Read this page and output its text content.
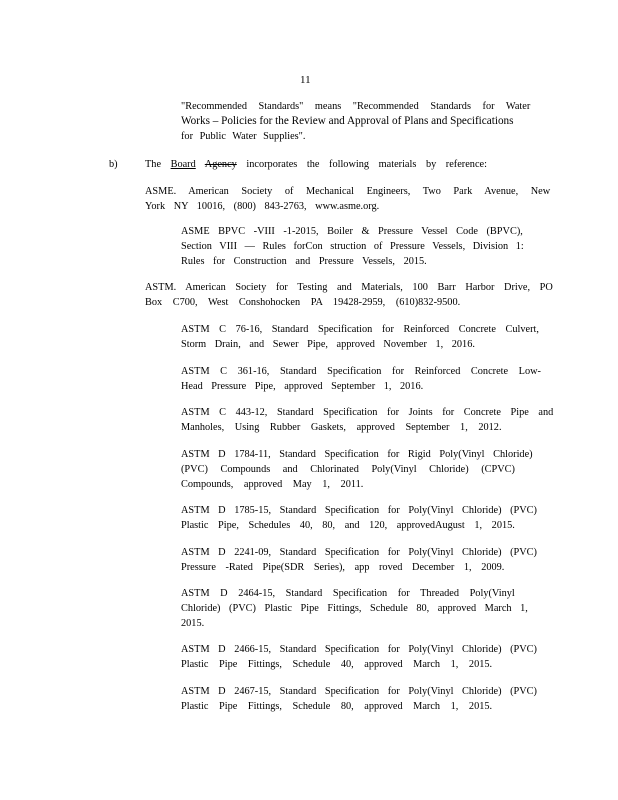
11
"Recommended Standards" means "Recommended Standards for Water
Works – Policies for the Review and Approval of Plans and Specifications
for Public Water Supplies".
b)	The Board Agency incorporates the following materials by reference:
ASME. American Society of Mechanical Engineers, Two Park Avenue, New
York NY 10016, (800) 843-2763, www.asme.org.
ASME BPVC -VIII -1-2015, Boiler & Pressure Vessel Code (BPVC),
Section VIII — Rules forCon struction of Pressure Vessels, Division 1:
Rules for Construction and Pressure Vessels, 2015.
ASTM. American Society for Testing and Materials, 100 Barr Harbor Drive, PO
Box C700, West Conshohocken PA 19428-2959, (610)832-9500.
ASTM C 76-16, Standard Specification for Reinforced Concrete Culvert,
Storm Drain, and Sewer Pipe, approved November 1, 2016.
ASTM C 361-16, Standard Specification for Reinforced Concrete Low-
Head Pressure Pipe, approved September 1, 2016.
ASTM C 443-12, Standard Specification for Joints for Concrete Pipe and
Manholes, Using Rubber Gaskets, approved September 1, 2012.
ASTM D 1784-11, Standard Specification for Rigid Poly(Vinyl Chloride)
(PVC) Compounds and Chlorinated Poly(Vinyl Chloride) (CPVC)
Compounds, approved May 1, 2011.
ASTM D 1785-15, Standard Specification for Poly(Vinyl Chloride) (PVC)
Plastic Pipe, Schedules 40, 80, and 120, approvedAugust 1, 2015.
ASTM D 2241-09, Standard Specification for Poly(Vinyl Chloride) (PVC)
Pressure -Rated Pipe(SDR Series), app roved December 1, 2009.
ASTM D 2464-15, Standard Specification for Threaded Poly(Vinyl
Chloride) (PVC) Plastic Pipe Fittings, Schedule 80, approved March 1,
2015.
ASTM D 2466-15, Standard Specification for Poly(Vinyl Chloride) (PVC)
Plastic Pipe Fittings, Schedule 40, approved March 1, 2015.
ASTM D 2467-15, Standard Specification for Poly(Vinyl Chloride) (PVC)
Plastic Pipe Fittings, Schedule 80, approved March 1, 2015.
